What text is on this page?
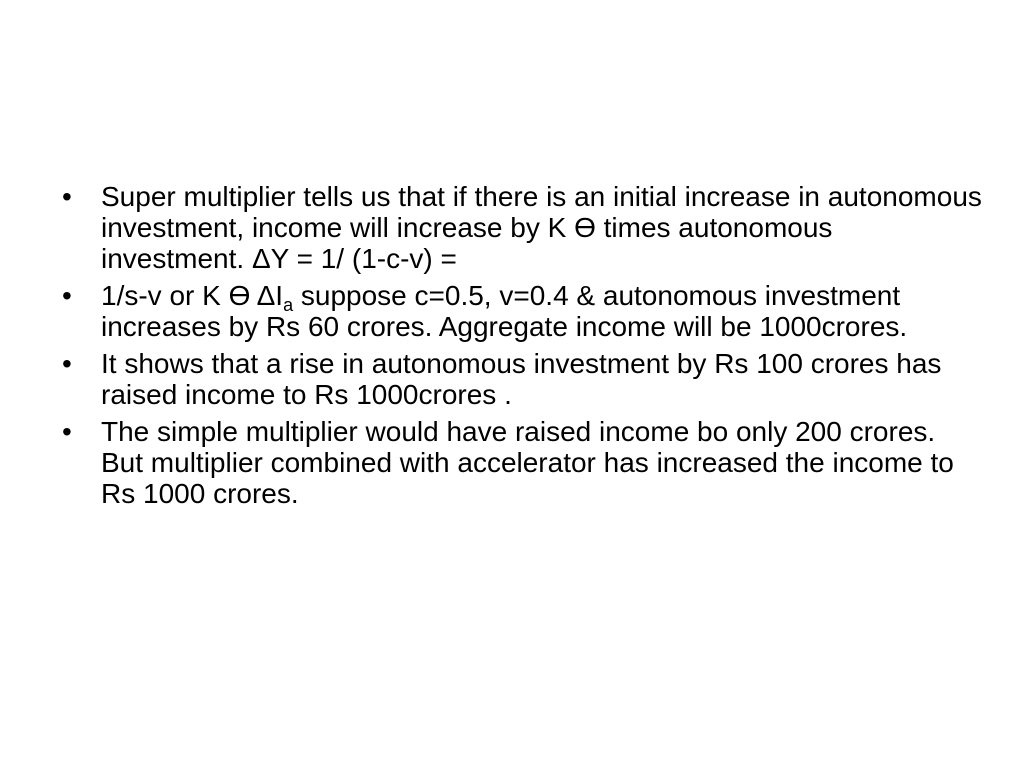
•	Super multiplier tells us that if there is an initial increase in autonomous investment, income will increase by K ϴ times autonomous investment. ΔY = 1/ (1-c-v) =
•	1/s-v or K ϴ $\Delta I_a$ suppose c=0.5, v=0.4 & autonomous investment increases by Rs 60 crores. Aggregate income will be 1000crores.
•	It shows that a rise in autonomous investment by Rs 100 crores has raised income to Rs 1000crores .
•	The simple multiplier would have raised income bo only 200 crores. But multiplier combined with accelerator has increased the income to Rs 1000 crores.
